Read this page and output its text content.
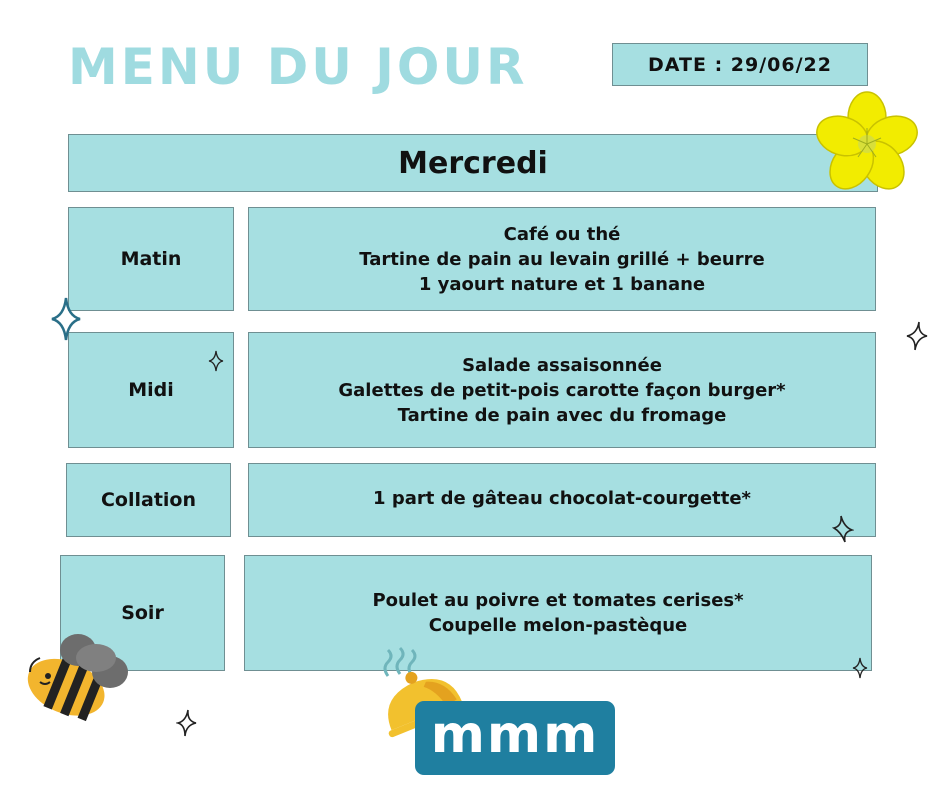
MENU DU JOUR	DATE : 29/06/22
Mercredi
Matin
Café ou thé
Tartine de pain au levain grillé + beurre
1 yaourt nature et 1 banane
Midi
Salade assaisonnée
Galettes de petit-pois carotte façon burger*
Tartine de pain avec du fromage
Collation	1 part de gâteau chocolat-courgette*
Soir
Poulet au poivre et tomates cerises*
Coupelle melon-pastèque
mmm
